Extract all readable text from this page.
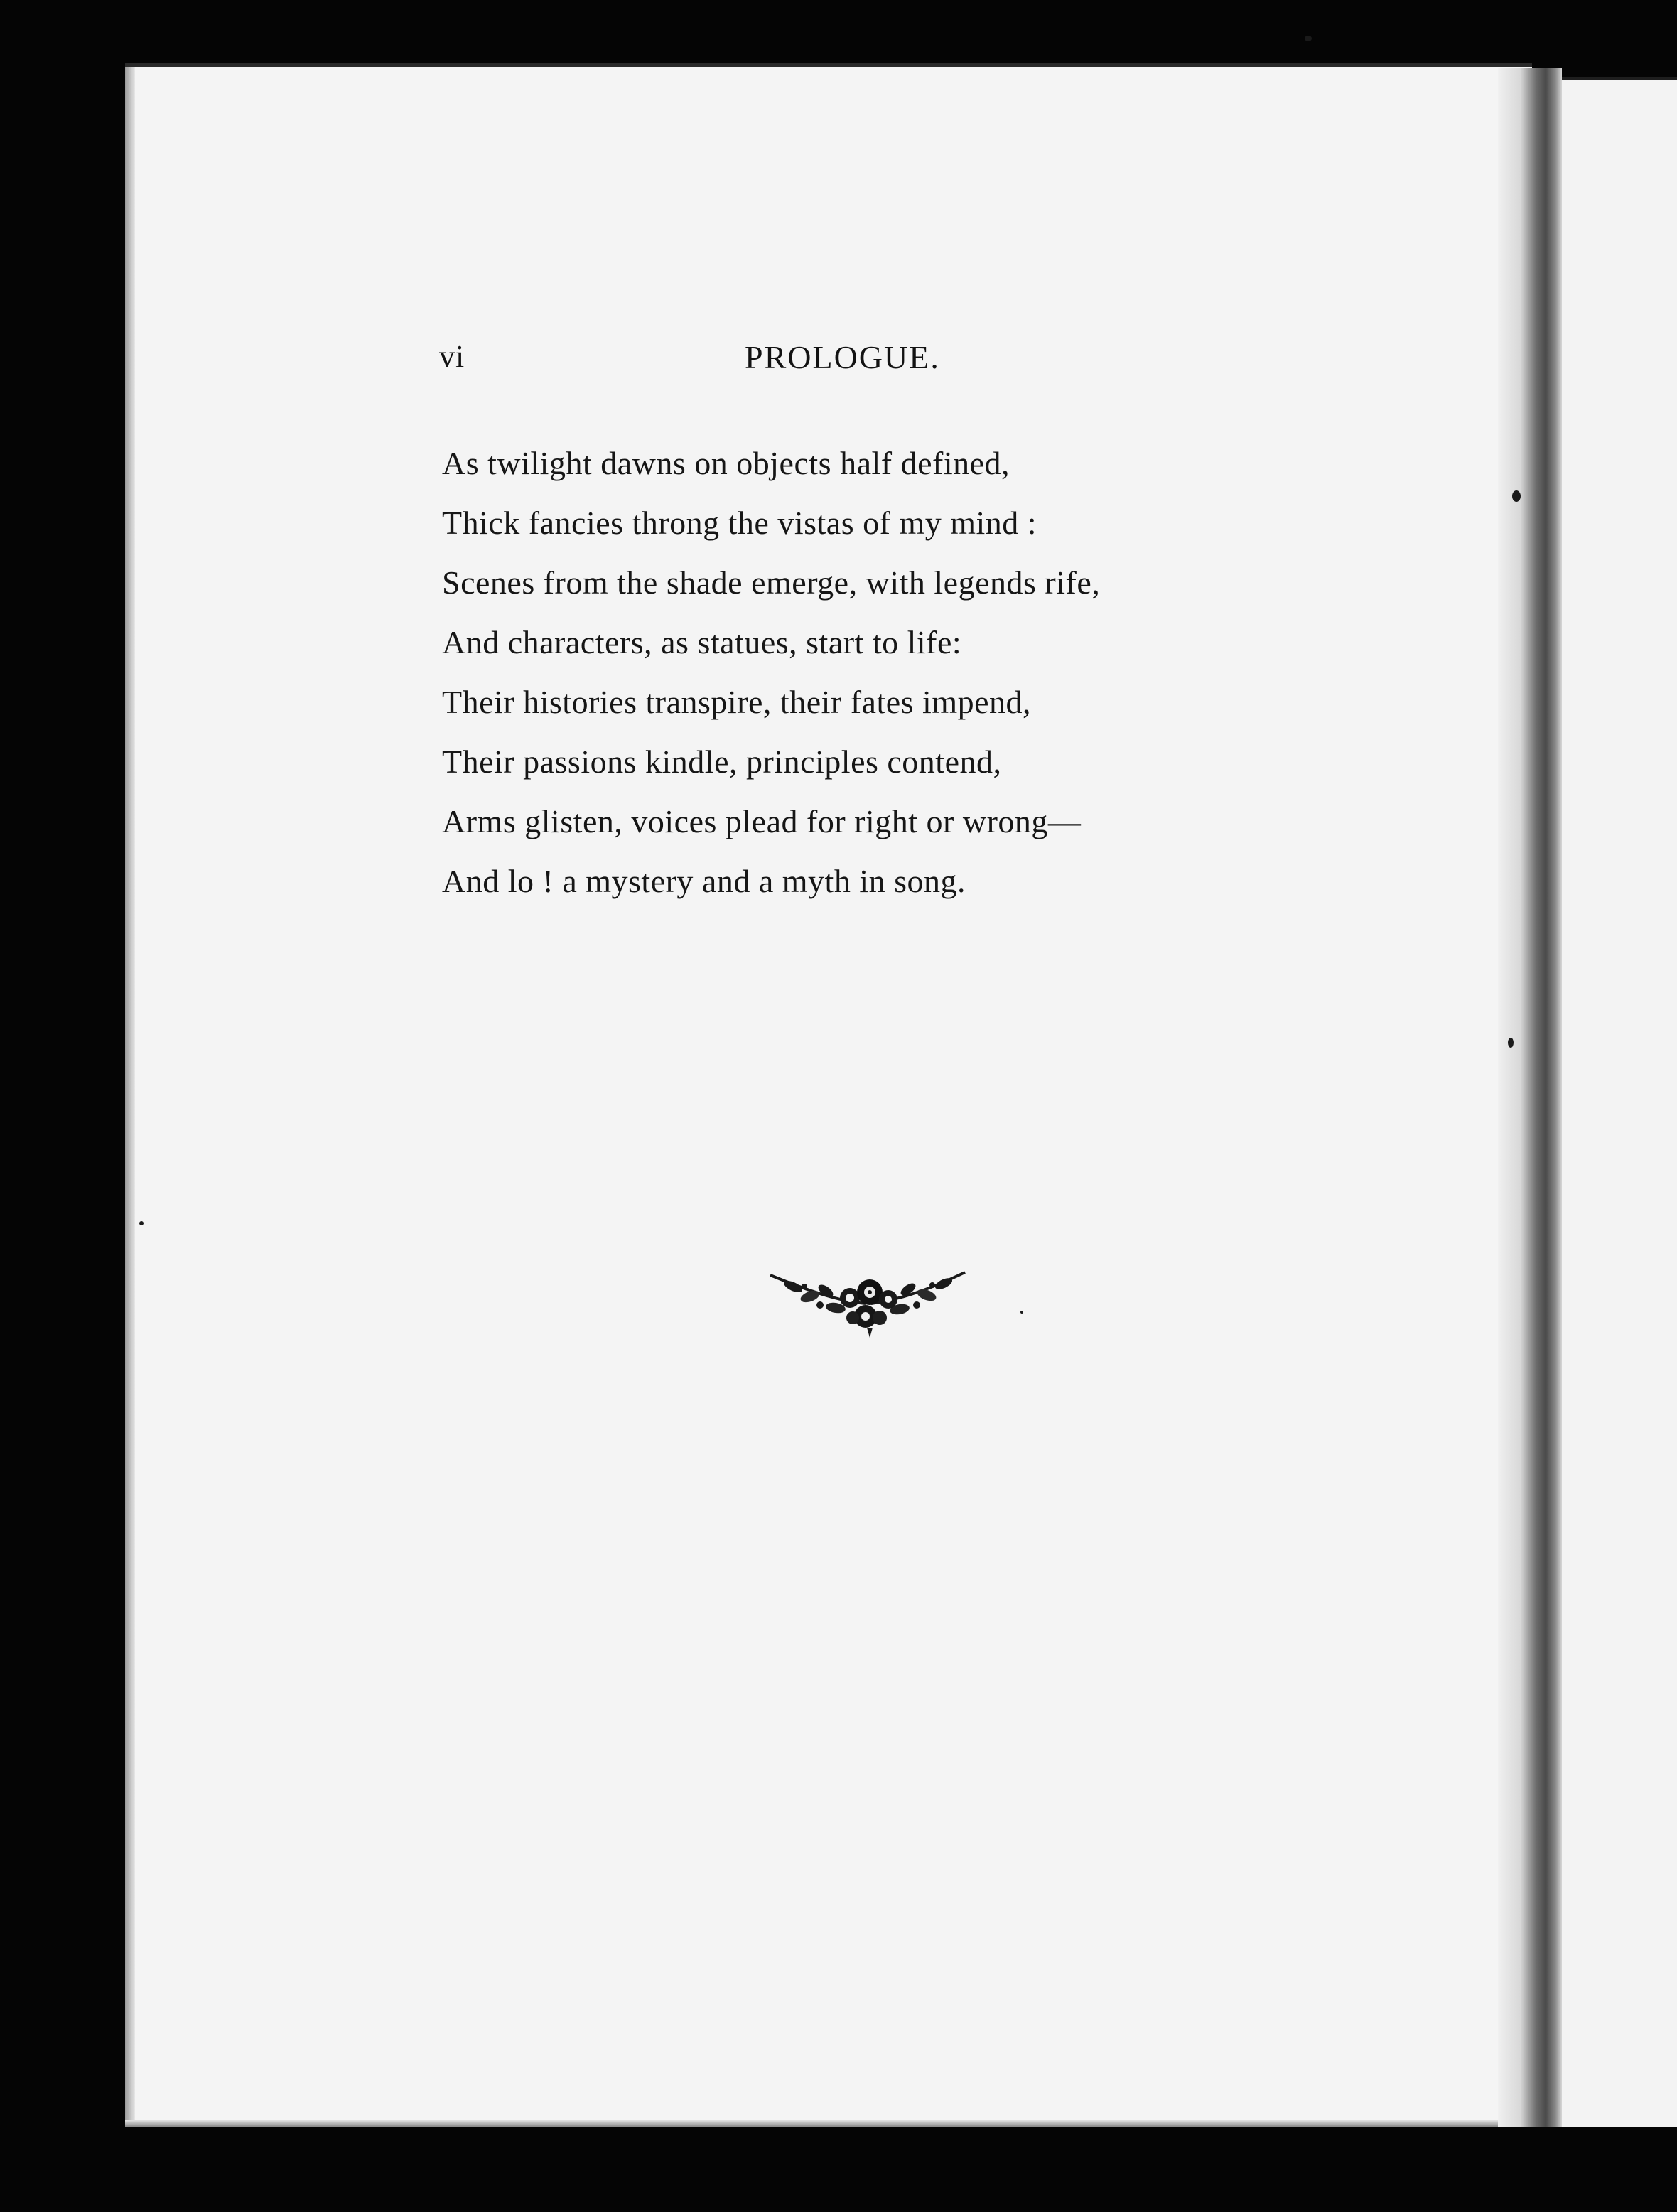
vi	PROLOGUE.
As twilight dawns on objects half defined,
Thick fancies throng the vistas of my mind :
Scenes from the shade emerge, with legends rife,
And characters, as statues, start to life:
Their histories transpire, their fates impend,
Their passions kindle, principles contend,
Arms glisten, voices plead for right or wrong—
And lo ! a mystery and a myth in song.
